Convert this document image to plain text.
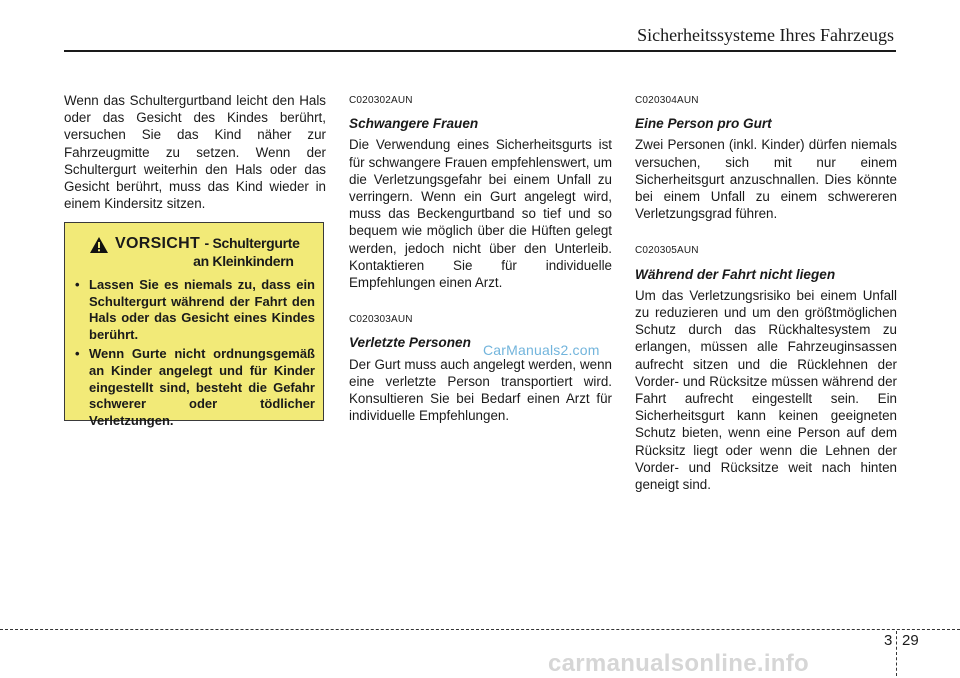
Sicherheitssysteme Ihres Fahrzeugs

Wenn das Schultergurtband leicht den Hals oder das Gesicht des Kindes berührt, versuchen Sie das Kind näher zur Fahrzeugmitte zu setzen. Wenn der Schultergurt weiterhin den Hals oder das Gesicht berührt, muss das Kind wieder in einem Kindersitz sitzen.

VORSICHT - Schultergurte
an Kleinkindern
• Lassen Sie es niemals zu, dass ein Schultergurt während der Fahrt den Hals oder das Gesicht eines Kindes berührt.
• Wenn Gurte nicht ordnungsgemäß an Kinder angelegt und für Kinder eingestellt sind, besteht die Gefahr schwerer oder tödlicher Verletzungen.

C020302AUN

Schwangere Frauen

Die Verwendung eines Sicherheitsgurts ist für schwangere Frauen empfehlenswert, um die Verletzungsgefahr bei einem Unfall zu verringern. Wenn ein Gurt angelegt wird, muss das Beckengurtband so tief und so bequem wie möglich über die Hüften gelegt werden, jedoch nicht über den Unterleib. Kontaktieren Sie für individuelle Empfehlungen einen Arzt.

C020303AUN

Verletzte Personen

Der Gurt muss auch angelegt werden, wenn eine verletzte Person transportiert wird. Konsultieren Sie bei Bedarf einen Arzt für individuelle Empfehlungen.

C020304AUN

Eine Person pro Gurt

Zwei Personen (inkl. Kinder) dürfen niemals versuchen, sich mit nur einem Sicherheitsgurt anzuschnallen. Dies könnte bei einem Unfall zu einem schwereren Verletzungsgrad führen.

C020305AUN

Während der Fahrt nicht liegen

Um das Verletzungsrisiko bei einem Unfall zu reduzieren und um den größtmöglichen Schutz durch das Rückhaltesystem zu erlangen, müssen alle Fahrzeuginsassen aufrecht sitzen und die Rücklehnen der Vorder- und Rücksitze müssen während der Fahrt aufrecht eingestellt sein. Ein Sicherheitsgurt kann keinen geeigneten Schutz bieten, wenn eine Person auf dem Rücksitz liegt oder wenn die Lehnen der Vorder- und Rücksitze weit nach hinten geneigt sind.

CarManuals2.com
3 29
carmanualsonline.info
